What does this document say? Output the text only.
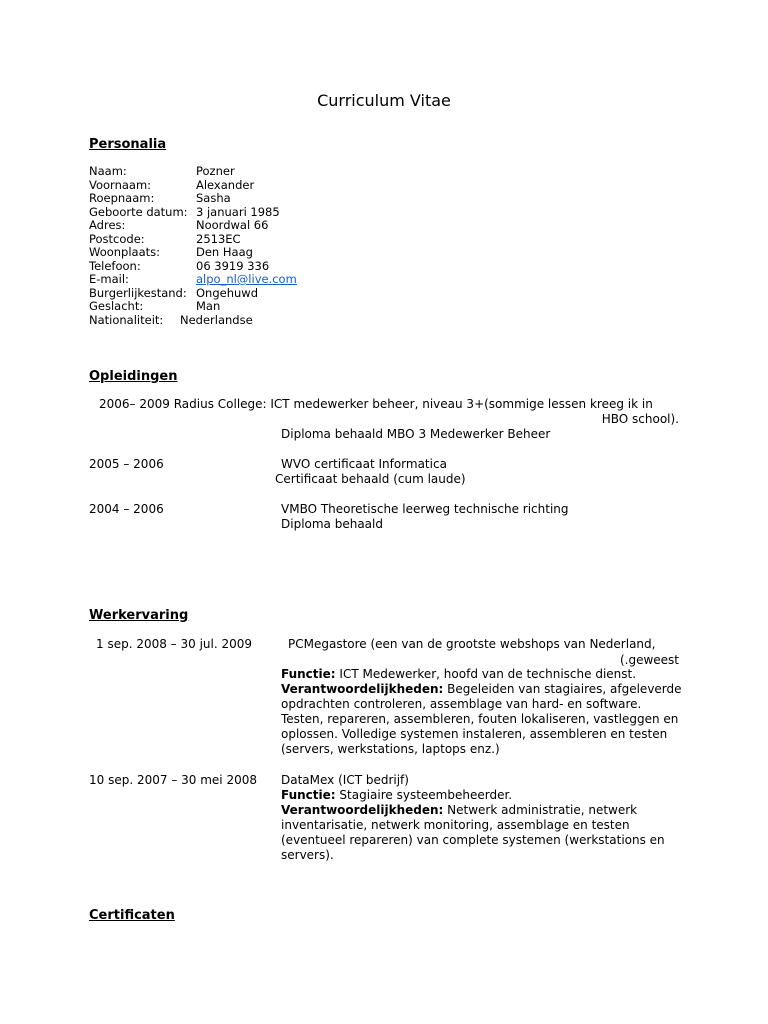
Curriculum Vitae
Personalia
Naam:	Pozner
Voornaam:	Alexander
Roepnaam:	Sasha
Geboorte datum: 3 januari 1985
Adres:	Noordwal 66
Postcode:	2513EC
Woonplaats:	Den Haag
Telefoon:	06 3919 336
E-mail:	alpo_nl@live.com
Burgerlijkestand: Ongehuwd
Geslacht:	Man
Nationaliteit: Nederlandse
Opleidingen
2006– 2009 Radius College: ICT medewerker beheer, niveau 3+(sommige lessen kreeg ik in
HBO school).
Diploma behaald MBO 3 Medewerker Beheer
2005 – 2006	WVO certificaat Informatica
Certificaat behaald (cum laude)
2004 – 2006	VMBO Theoretische leerweg technische richting
Diploma behaald
Werkervaring
1 sep. 2008 – 30 jul. 2009	PCMegastore (een van de grootste webshops van Nederland,
(.geweest
Functie: ICT Medewerker, hoofd van de technische dienst.
Verantwoordelijkheden: Begeleiden van stagiaires, afgeleverde opdrachten controleren, assemblage van hard- en software. Testen, repareren, assembleren, fouten lokaliseren, vastleggen en oplossen. Volledige systemen instaleren, assembleren en testen (servers, werkstations, laptops enz.)
10 sep. 2007 – 30 mei 2008 DataMex (ICT bedrijf)
Functie: Stagiaire systeembeheerder.
Verantwoordelijkheden: Netwerk administratie, netwerk inventarisatie, netwerk monitoring, assemblage en testen (eventueel repareren) van complete systemen (werkstations en servers).
Certificaten
